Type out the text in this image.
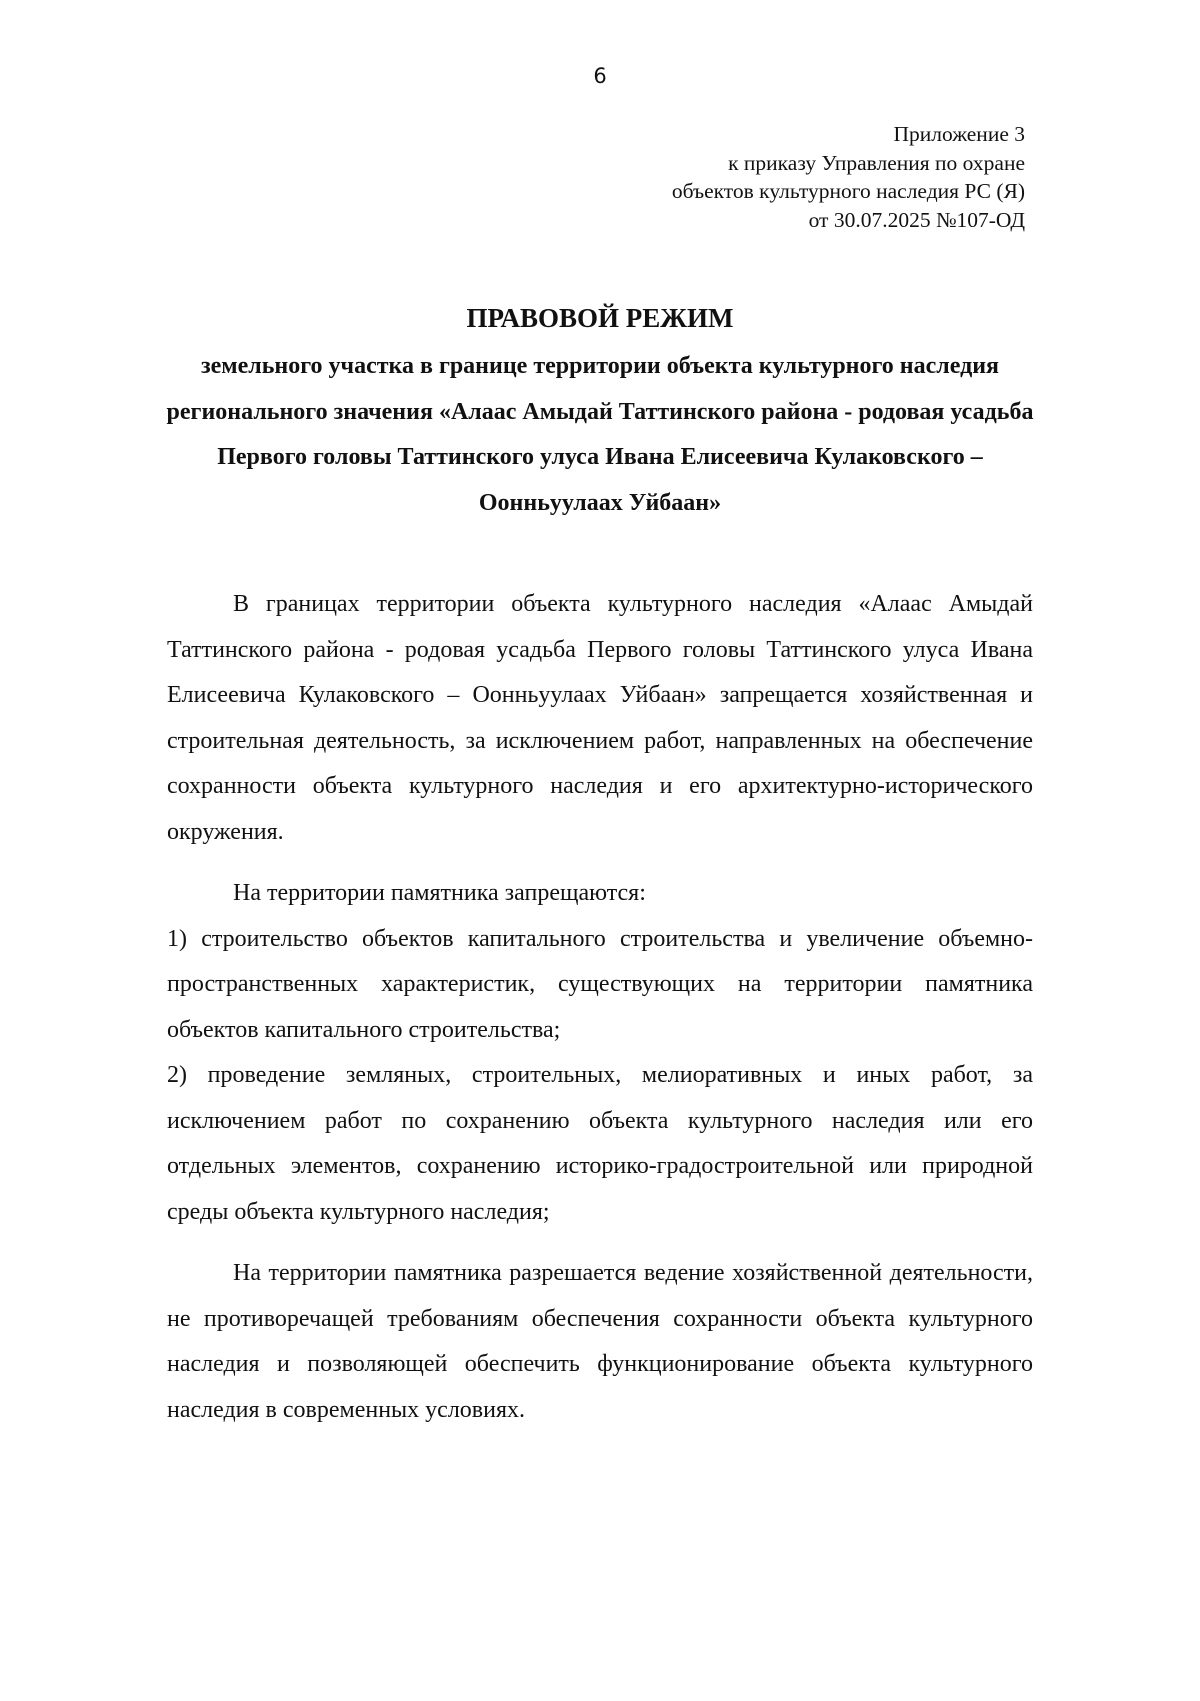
6
Приложение 3
к приказу Управления по охране
объектов культурного наследия РС (Я)
от 30.07.2025 №107-ОД
ПРАВОВОЙ РЕЖИМ
земельного участка в границе территории объекта культурного наследия регионального значения «Алаас Амыдай Таттинского района - родовая усадьба Первого головы Таттинского улуса Ивана Елисеевича Кулаковского – Оонньуулаах Уйбаан»
В границах территории объекта культурного наследия «Алаас Амыдай Таттинского района - родовая усадьба Первого головы Таттинского улуса Ивана Елисеевича Кулаковского – Оонньуулаах Уйбаан» запрещается хозяйственная и строительная деятельность, за исключением работ, направленных на обеспечение сохранности объекта культурного наследия и его архитектурно-исторического окружения.
На территории памятника запрещаются:
1) строительство объектов капитального строительства и увеличение объемно-пространственных характеристик, существующих на территории памятника объектов капитального строительства;
2) проведение земляных, строительных, мелиоративных и иных работ, за исключением работ по сохранению объекта культурного наследия или его отдельных элементов, сохранению историко-градостроительной или природной среды объекта культурного наследия;
На территории памятника разрешается ведение хозяйственной деятельности, не противоречащей требованиям обеспечения сохранности объекта культурного наследия и позволяющей обеспечить функционирование объекта культурного наследия в современных условиях.
